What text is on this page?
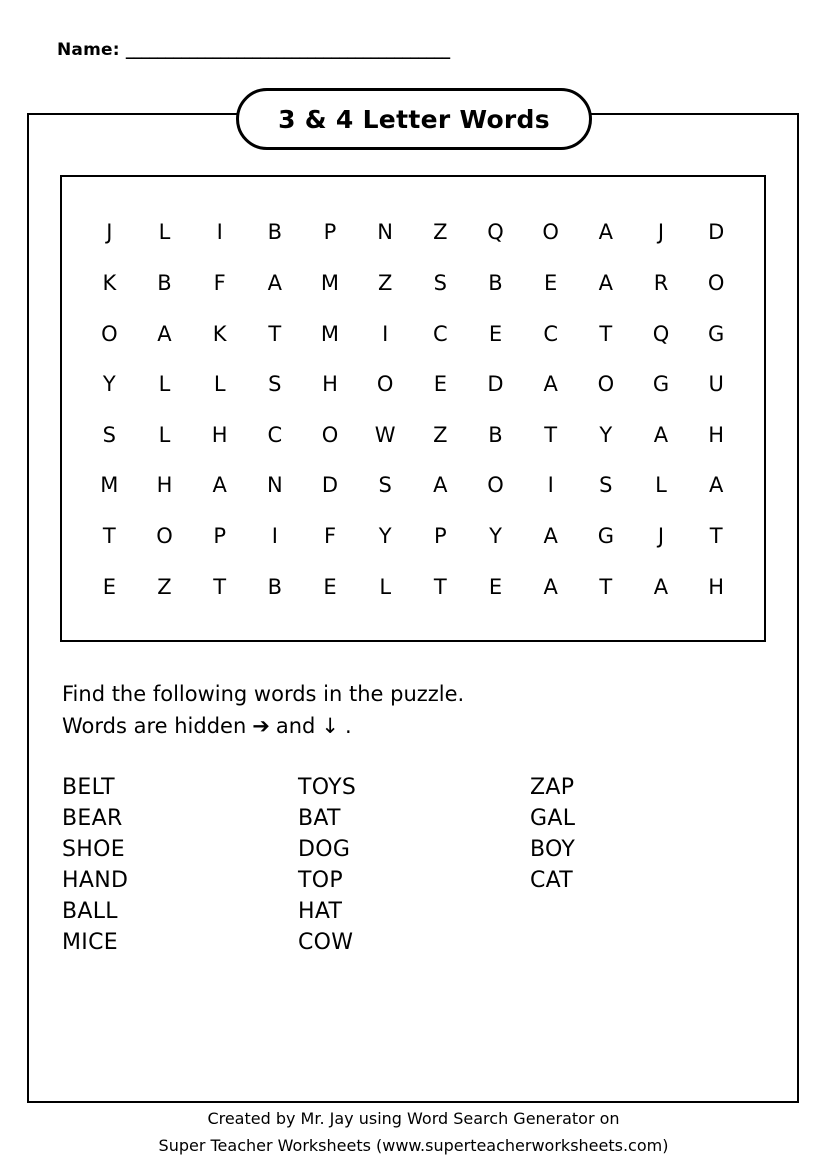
Name: _________________________________________
3 & 4 Letter Words
J	L	I	B	P	N	Z	Q	O	A	J	D
K	B	F	A	M	Z	S	B	E	A	R	O
O	A	K	T	M	I	C	E	C	T	Q	G
Y	L	L	S	H	O	E	D	A	O	G	U
S	L	H	C	O	W	Z	B	T	Y	A	H
M	H	A	N	D	S	A	O	I	S	L	A
T	O	P	I	F	Y	P	Y	A	G	J	T
E	Z	T	B	E	L	T	E	A	T	A	H
Find the following words in the puzzle.
Words are hidden ➔ and ↓ .
BELT
BEAR
SHOE
HAND
BALL
MICE
TOYS
BAT
DOG
TOP
HAT
COW
ZAP
GAL
BOY
CAT
Created by Mr. Jay using Word Search Generator on
Super Teacher Worksheets (www.superteacherworksheets.com)
